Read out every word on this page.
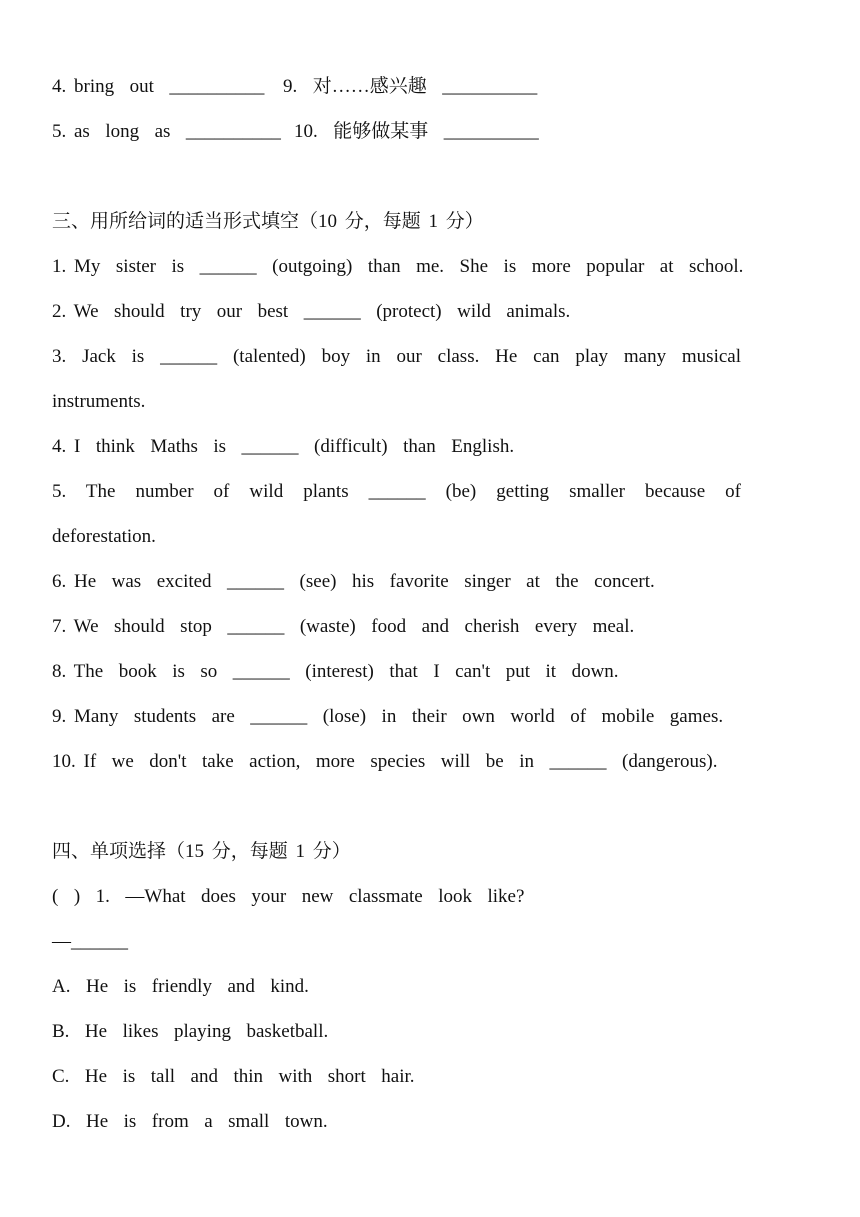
4. bring  out  __________ 9.  对……感兴趣  __________
5. as  long  as  __________ 10.  能够做某事  __________
三、用所给词的适当形式填空（10 分，每题 1 分）
1. My  sister  is  ______  (outgoing)  than  me.  She  is  more  popular  at  school.
2. We  should  try  our  best  ______  (protect)  wild  animals.
3. Jack is ______ (talented) boy in our class. He can play many musical
instruments.
4. I  think  Maths  is  ______  (difficult)  than  English.
5. The number of wild plants ______ (be) getting smaller because of
deforestation.
6. He  was  excited  ______  (see)  his  favorite  singer  at  the  concert.
7. We  should  stop  ______  (waste)  food  and  cherish  every  meal.
8. The  book  is  so  ______  (interest)  that  I  can't  put  it  down.
9. Many  students  are  ______  (lose)  in  their  own  world  of  mobile  games.
10. If  we  don't  take  action,  more  species  will  be  in  ______  (dangerous).
四、单项选择（15 分，每题 1 分）
(  )  1.  —What  does  your  new  classmate  look  like?
—______
A.  He  is  friendly  and  kind.
B.  He  likes  playing  basketball.
C.  He  is  tall  and  thin  with  short  hair.
D.  He  is  from  a  small  town.
